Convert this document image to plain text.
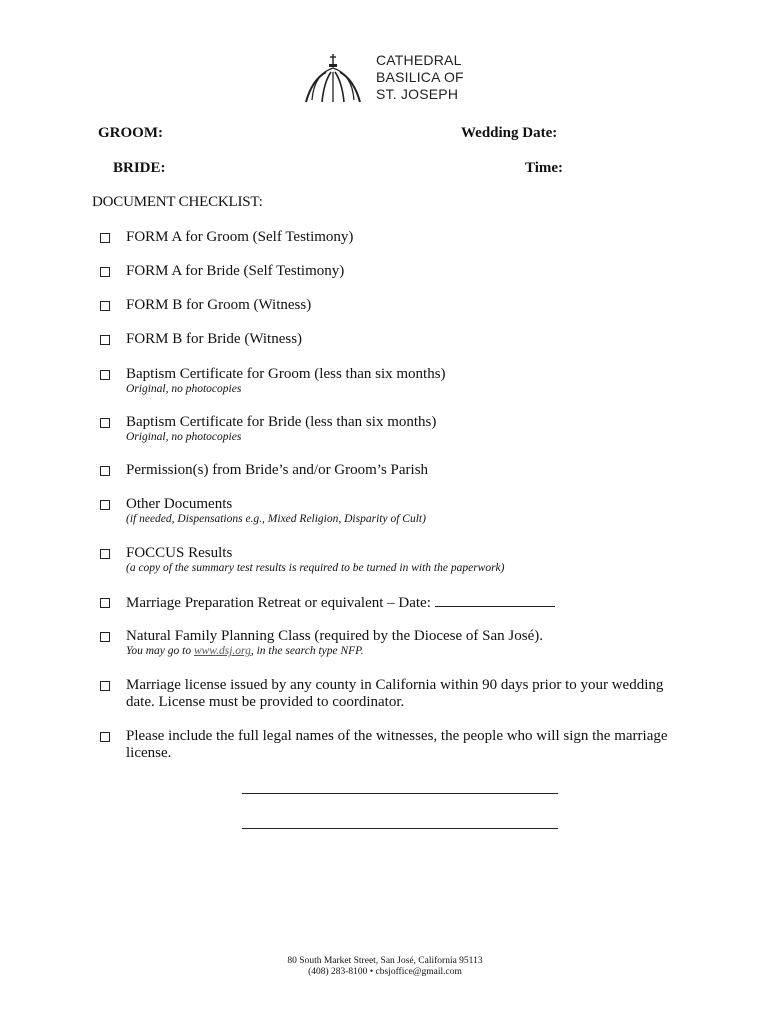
CATHEDRAL
BASILICA OF
ST. JOSEPH
GROOM:	Wedding Date:
BRIDE:	Time:
DOCUMENT CHECKLIST:
FORM A for Groom (Self Testimony)
FORM A for Bride (Self Testimony)
FORM B for Groom (Witness)
FORM B for Bride (Witness)
Baptism Certificate for Groom (less than six months)
Original, no photocopies
Baptism Certificate for Bride (less than six months)
Original, no photocopies
Permission(s) from Bride’s and/or Groom’s Parish
Other Documents
(if needed, Dispensations e.g., Mixed Religion, Disparity of Cult)
FOCCUS Results
(a copy of the summary test results is required to be turned in with the paperwork)
Marriage Preparation Retreat or equivalent – Date:
Natural Family Planning Class (required by the Diocese of San José).
You may go to www.dsj.org, in the search type NFP.
Marriage license issued by any county in California within 90 days prior to your wedding date. License must be provided to coordinator.
Please include the full legal names of the witnesses, the people who will sign the marriage license.
80 South Market Street, San José, California 95113
(408) 283-8100 • cbsjoffice@gmail.com
